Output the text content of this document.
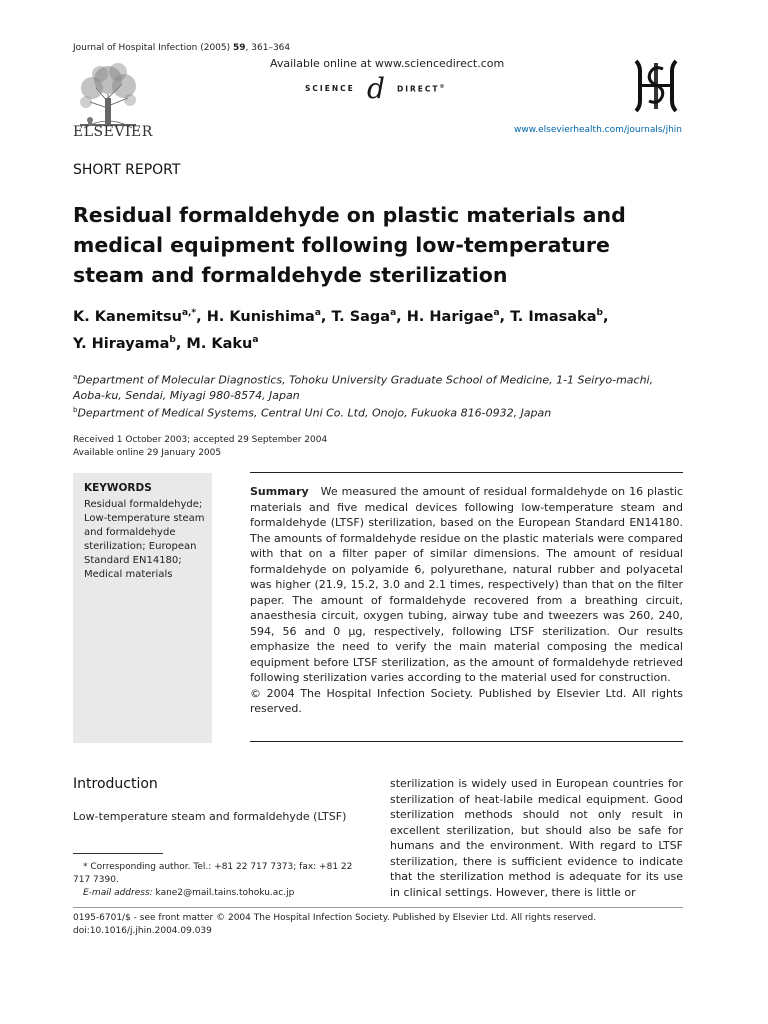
Journal of Hospital Infection (2005) 59, 361–364
ELSEVIER
Available online at www.sciencedirect.com
SCIENCE d DIRECT®
www.elsevierhealth.com/journals/jhin
SHORT REPORT
Residual formaldehyde on plastic materials and medical equipment following low-temperature steam and formaldehyde sterilization
K. Kanemitsu$^{a,*}$, H. Kunishima$^a$, T. Saga$^a$, H. Harigae$^a$, T. Imasaka$^b$,
Y. Hirayama$^b$, M. Kaku$^a$
$^a$Department of Molecular Diagnostics, Tohoku University Graduate School of Medicine, 1-1 Seiryo-machi, Aoba-ku, Sendai, Miyagi 980-8574, Japan
$^b$Department of Medical Systems, Central Uni Co. Ltd, Onojo, Fukuoka 816-0932, Japan
Received 1 October 2003; accepted 29 September 2004
Available online 29 January 2005
KEYWORDS
Residual formaldehyde; Low-temperature steam and formaldehyde sterilization; European Standard EN14180; Medical materials
Summary We measured the amount of residual formaldehyde on 16 plastic materials and five medical devices following low-temperature steam and formaldehyde (LTSF) sterilization, based on the European Standard EN14180. The amounts of formaldehyde residue on the plastic materials were compared with that on a filter paper of similar dimensions. The amount of residual formaldehyde on polyamide 6, polyurethane, natural rubber and polyacetal was higher (21.9, 15.2, 3.0 and 2.1 times, respectively) than that on the filter paper. The amount of formaldehyde recovered from a breathing circuit, anaesthesia circuit, oxygen tubing, airway tube and tweezers was 260, 240, 594, 56 and 0 μg, respectively, following LTSF sterilization. Our results emphasize the need to verify the main material composing the medical equipment before LTSF sterilization, as the amount of formaldehyde retrieved following sterilization varies according to the material used for construction.
© 2004 The Hospital Infection Society. Published by Elsevier Ltd. All rights reserved.
Introduction
Low-temperature steam and formaldehyde (LTSF)
* Corresponding author. Tel.: +81 22 717 7373; fax: +81 22 717 7390.
E-mail address: kane2@mail.tains.tohoku.ac.jp
sterilization is widely used in European countries for sterilization of heat-labile medical equipment. Good sterilization methods should not only result in excellent sterilization, but should also be safe for humans and the environment. With regard to LTSF sterilization, there is sufficient evidence to indicate that the sterilization method is adequate for its use in clinical settings. However, there is little or
0195-6701/$ - see front matter © 2004 The Hospital Infection Society. Published by Elsevier Ltd. All rights reserved.
doi:10.1016/j.jhin.2004.09.039
